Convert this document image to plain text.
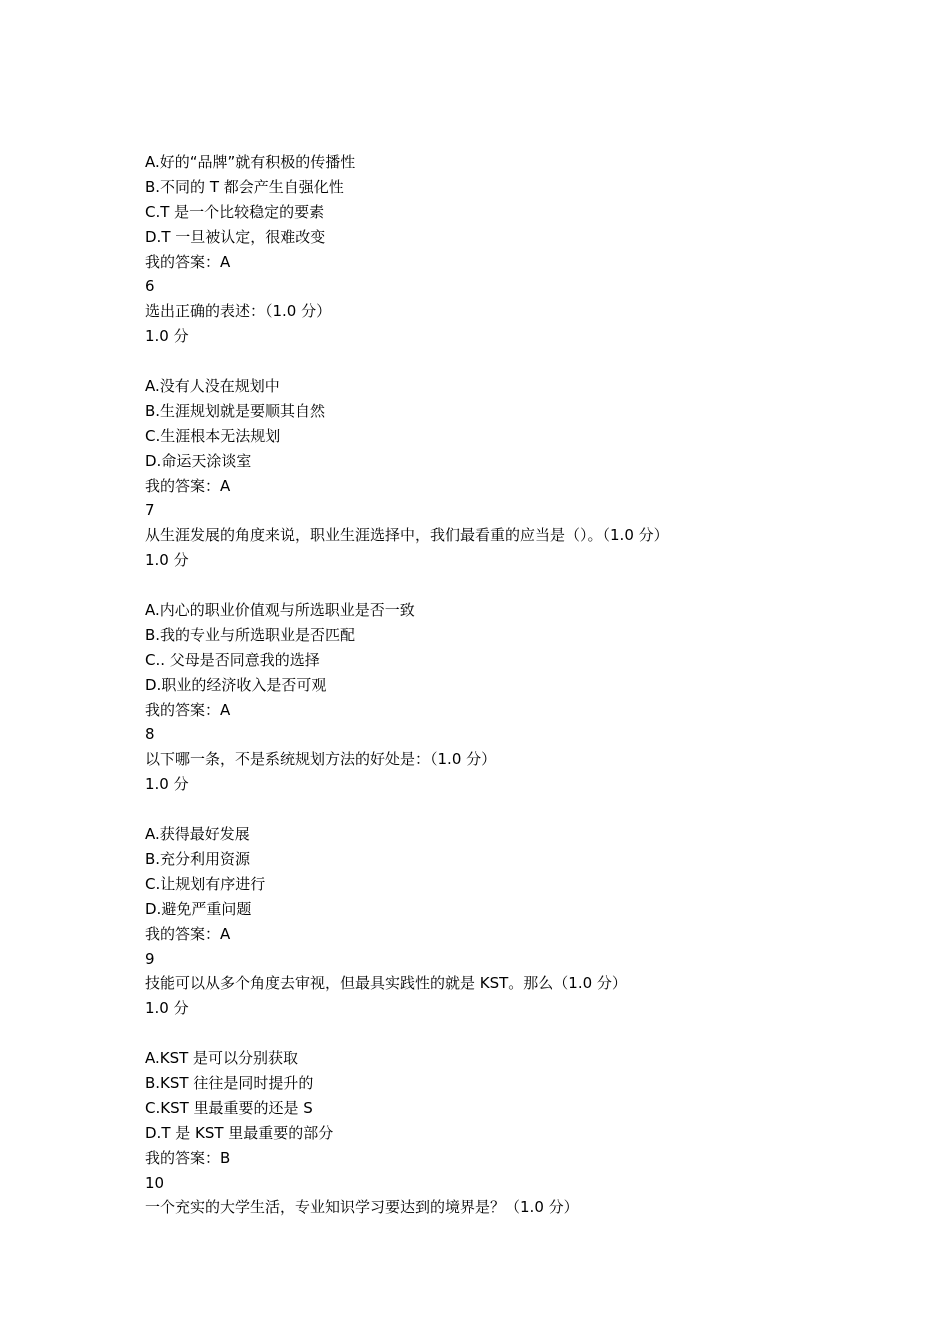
A.好的“品牌”就有积极的传播性
B.不同的 T 都会产生自强化性
C.T 是一个比较稳定的要素
D.T 一旦被认定，很难改变
我的答案：A
6
选出正确的表述：（1.0 分）
1.0 分
A.没有人没在规划中
B.生涯规划就是要顺其自然
C.生涯根本无法规划
D.命运天涂谈室
我的答案：A
7
从生涯发展的角度来说，职业生涯选择中，我们最看重的应当是（）。（1.0 分）
1.0 分
A.内心的职业价值观与所选职业是否一致
B.我的专业与所选职业是否匹配
C.. 父母是否同意我的选择
D.职业的经济收入是否可观
我的答案：A
8
以下哪一条，不是系统规划方法的好处是：（1.0 分）
1.0 分
A.获得最好发展
B.充分利用资源
C.让规划有序进行
D.避免严重问题
我的答案：A
9
技能可以从多个角度去审视，但最具实践性的就是 KST。那么（1.0 分）
1.0 分
A.KST 是可以分别获取
B.KST 往往是同时提升的
C.KST 里最重要的还是 S
D.T 是 KST 里最重要的部分
我的答案：B
10
一个充实的大学生活，专业知识学习要达到的境界是？（1.0 分）
